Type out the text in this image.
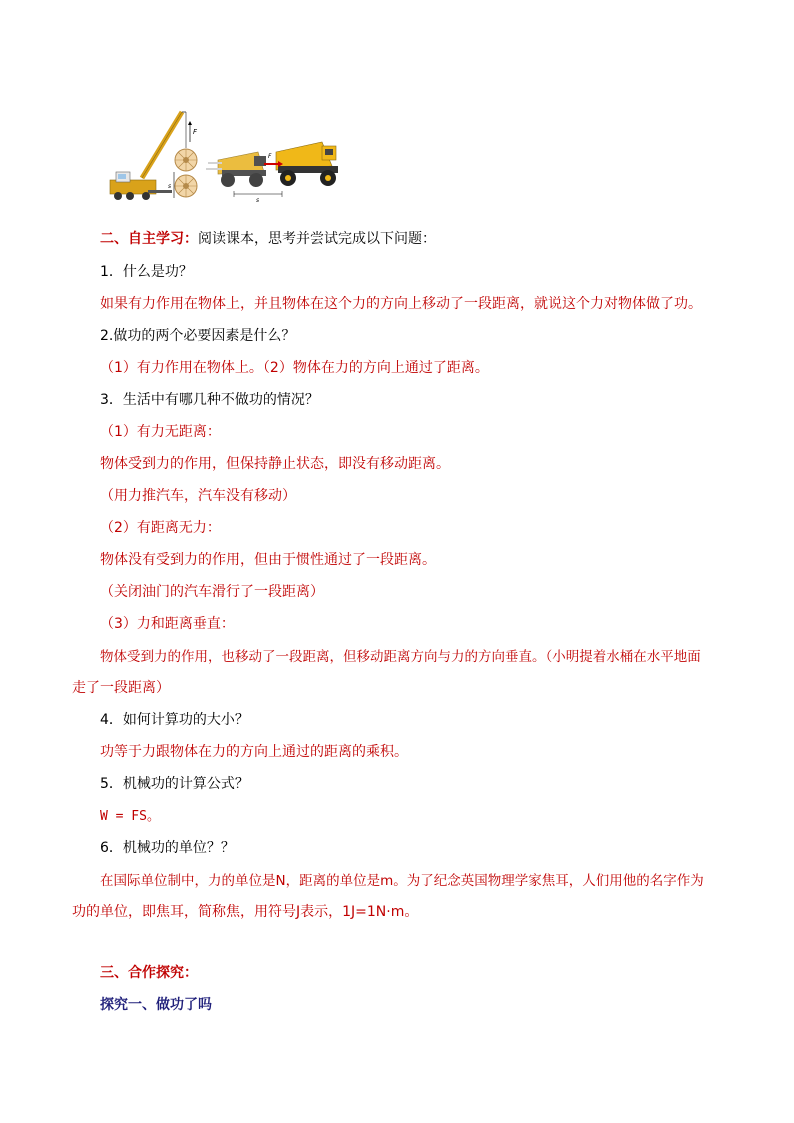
F
s
F
s
二、自主学习：阅读课本，思考并尝试完成以下问题：
1．什么是功？
如果有力作用在物体上，并且物体在这个力的方向上移动了一段距离，就说这个力对物体做了功。
2.做功的两个必要因素是什么？
（1）有力作用在物体上。（2）物体在力的方向上通过了距离。
3．生活中有哪几种不做功的情况？
（1）有力无距离：
物体受到力的作用，但保持静止状态，即没有移动距离。
（用力推汽车，汽车没有移动）
（2）有距离无力：
物体没有受到力的作用，但由于惯性通过了一段距离。
（关闭油门的汽车滑行了一段距离）
（3）力和距离垂直：
物体受到力的作用，也移动了一段距离，但移动距离方向与力的方向垂直。（小明提着水桶在水平地面
走了一段距离）
4．如何计算功的大小？
功等于力跟物体在力的方向上通过的距离的乘积。
5．机械功的计算公式？
W = FS。
6．机械功的单位？？
在国际单位制中，力的单位是N，距离的单位是m。为了纪念英国物理学家焦耳，人们用他的名字作为
功的单位，即焦耳，简称焦，用符号J表示，1J=1N·m。
三、合作探究：
探究一、做功了吗
